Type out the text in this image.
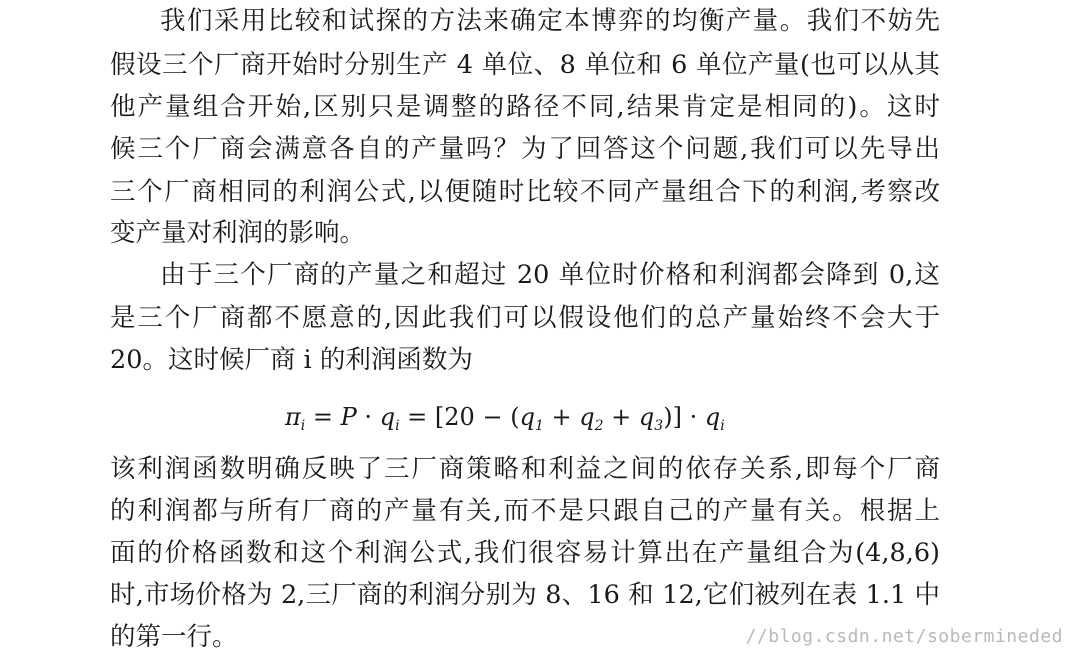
我们采用比较和试探的方法来确定本博弈的均衡产量。我们不妨先
假设三个厂商开始时分别生产 4 单位、8 单位和 6 单位产量(也可以从其
他产量组合开始,区别只是调整的路径不同,结果肯定是相同的)。这时
候三个厂商会满意各自的产量吗？为了回答这个问题,我们可以先导出
三个厂商相同的利润公式,以便随时比较不同产量组合下的利润,考察改
变产量对利润的影响。
由于三个厂商的产量之和超过 20 单位时价格和利润都会降到 0,这
是三个厂商都不愿意的,因此我们可以假设他们的总产量始终不会大于
20。这时候厂商 i 的利润函数为
$\pi_i = P \cdot q_i = [20 - (q_1 + q_2 + q_3)] \cdot q_i$
该利润函数明确反映了三厂商策略和利益之间的依存关系,即每个厂商
的利润都与所有厂商的产量有关,而不是只跟自己的产量有关。根据上
面的价格函数和这个利润公式,我们很容易计算出在产量组合为(4,8,6)
时,市场价格为 2,三厂商的利润分别为 8、16 和 12,它们被列在表 1.1 中
的第一行。	//blog.csdn.net/sobermineded
